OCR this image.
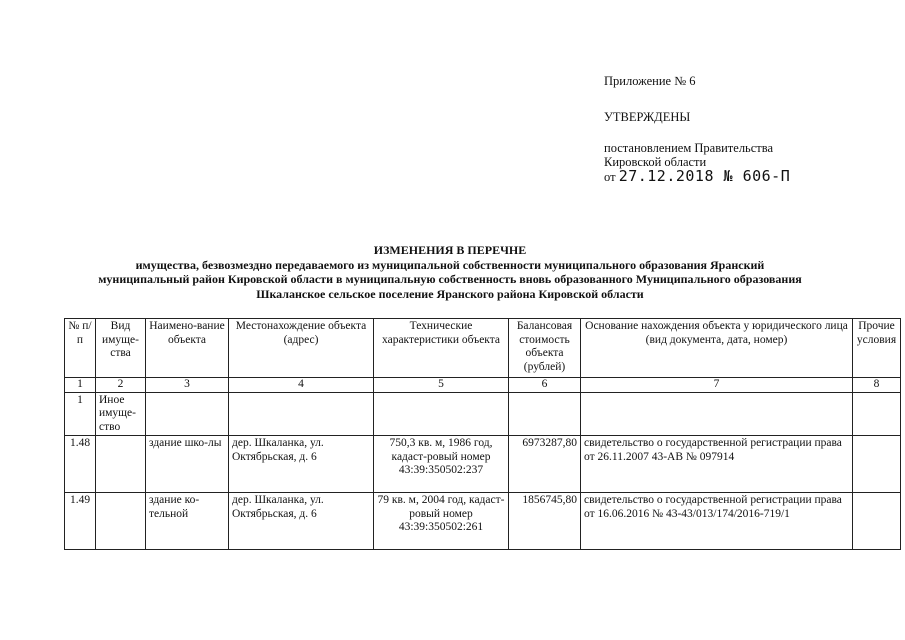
Приложение № 6
УТВЕРЖДЕНЫ
постановлением Правительства
Кировской области
от 27.12.2018 № 606-П
ИЗМЕНЕНИЯ В ПЕРЕЧНЕ
имущества, безвозмездно передаваемого из муниципальной собственности муниципального образования Яранский
муниципальный район Кировской области в муниципальную собственность вновь образованного Муниципального образования
Шкаланское сельское поселение Яранского района Кировской области
№ п/п	Вид имуще-ства	Наимено-вание объекта	Местонахождение объекта (адрес)	Технические характеристики объекта	Балансовая стоимость объекта (рублей)	Основание нахождения объекта у юридического лица (вид документа, дата, номер)	Прочие условия
1	2	3	4	5	6	7	8
1	Иное имуще-ство						
1.48		здание шко-лы	дер. Шкаланка, ул. Октябрьская, д. 6	750,3 кв. м, 1986 год, кадаст-ровый номер 43:39:350502:237	6973287,80	свидетельство о государственной регистрации права от 26.11.2007 43-АВ № 097914	
1.49		здание ко-тельной	дер. Шкаланка, ул. Октябрьская, д. 6	79 кв. м, 2004 год, кадаст-ровый номер 43:39:350502:261	1856745,80	свидетельство о государственной регистрации права от 16.06.2016 № 43-43/013/174/2016-719/1	
